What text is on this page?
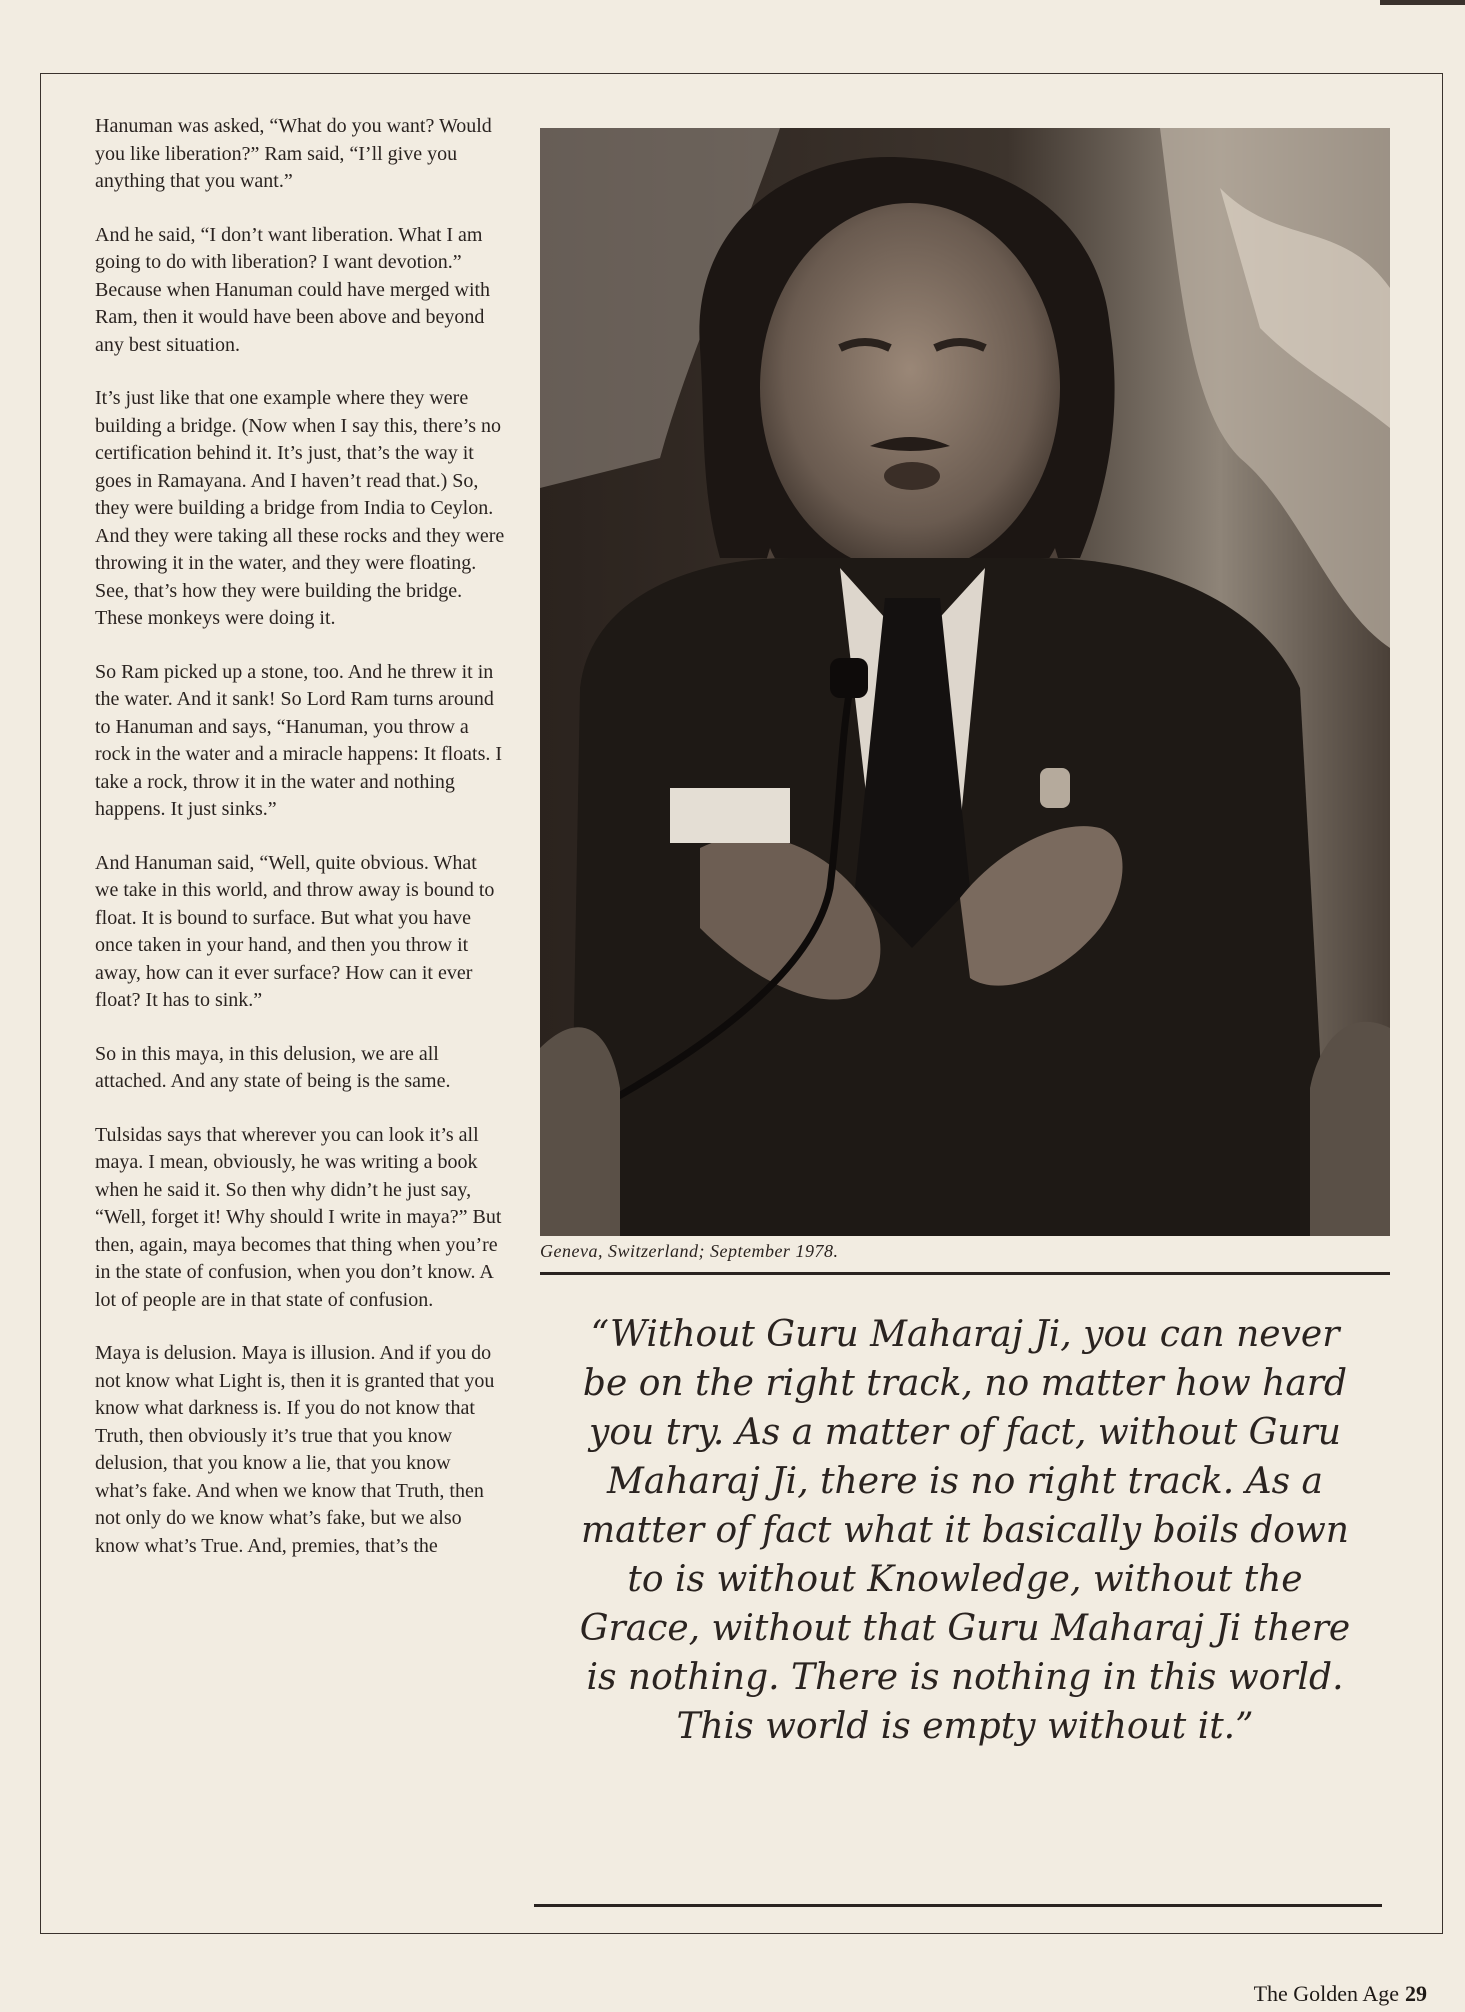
Hanuman was asked, “What do you want? Would you like liberation?” Ram said, “I’ll give you anything that you want.”

And he said, “I don’t want liberation. What I am going to do with liberation? I want devotion.” Because when Hanuman could have merged with Ram, then it would have been above and beyond any best situation.

It’s just like that one example where they were building a bridge. (Now when I say this, there’s no certification behind it. It’s just, that’s the way it goes in Ramayana. And I haven’t read that.) So, they were building a bridge from India to Ceylon. And they were taking all these rocks and they were throwing it in the water, and they were floating. See, that’s how they were building the bridge. These monkeys were doing it.

So Ram picked up a stone, too. And he threw it in the water. And it sank! So Lord Ram turns around to Hanuman and says, “Hanuman, you throw a rock in the water and a miracle happens: It floats. I take a rock, throw it in the water and nothing happens. It just sinks.”

And Hanuman said, “Well, quite obvious. What we take in this world, and throw away is bound to float. It is bound to surface. But what you have once taken in your hand, and then you throw it away, how can it ever surface? How can it ever float? It has to sink.”

So in this maya, in this delusion, we are all attached. And any state of being is the same.

Tulsidas says that wherever you can look it’s all maya. I mean, obviously, he was writing a book when he said it. So then why didn’t he just say, “Well, forget it! Why should I write in maya?” But then, again, maya becomes that thing when you’re in the state of confusion, when you don’t know. A lot of people are in that state of confusion.

Maya is delusion. Maya is illusion. And if you do not know what Light is, then it is granted that you know what darkness is. If you do not know that Truth, then obviously it’s true that you know delusion, that you know a lie, that you know what’s fake. And when we know that Truth, then not only do we know what’s fake, but we also know what’s True. And, premies, that’s the

Geneva, Switzerland; September 1978.
“Without Guru Maharaj Ji, you can never be on the right track, no matter how hard you try. As a matter of fact, without Guru Maharaj Ji, there is no right track. As a matter of fact what it basically boils down to is without Knowledge, without the Grace, without that Guru Maharaj Ji there is nothing. There is nothing in this world. This world is empty without it.”
The Golden Age 29
